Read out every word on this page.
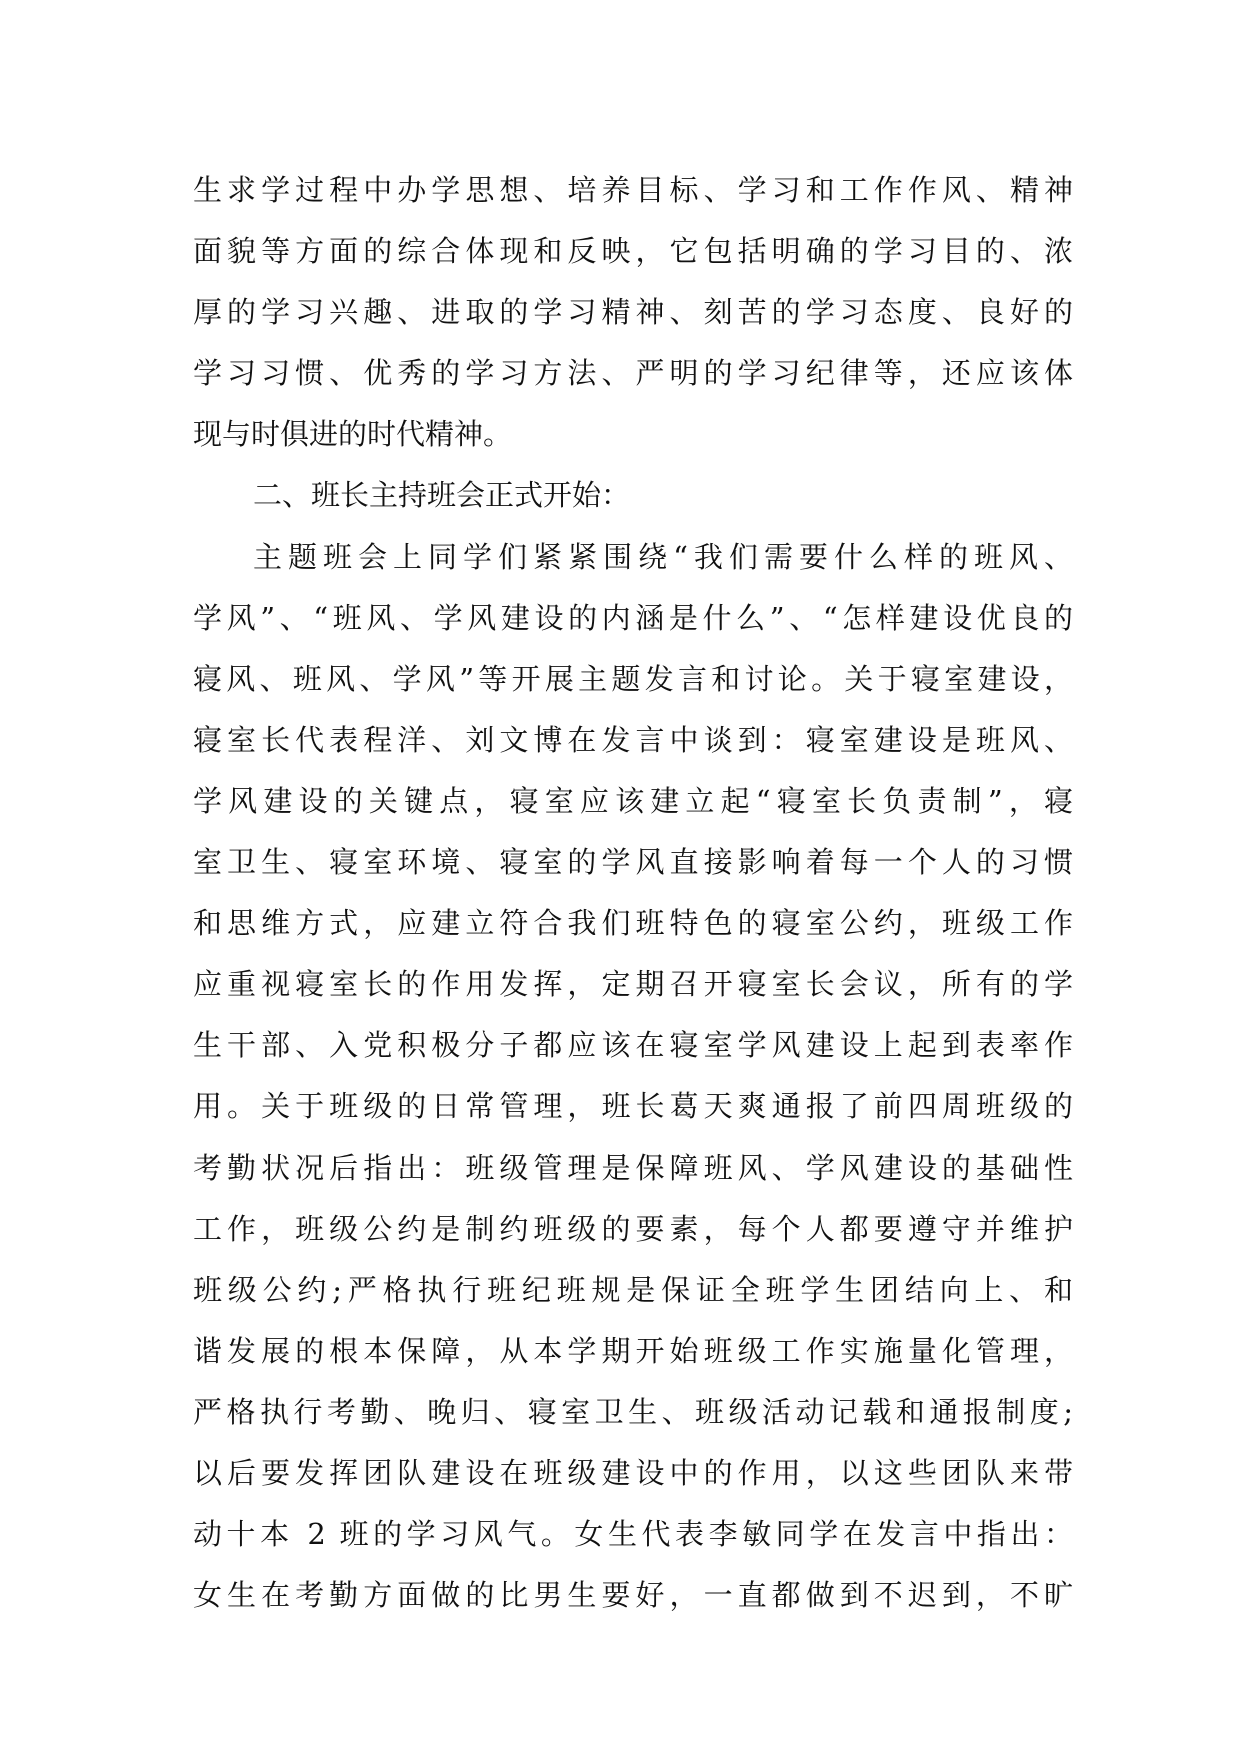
生求学过程中办学思想、培养目标、学习和工作作风、精神
面貌等方面的综合体现和反映，它包括明确的学习目的、浓
厚的学习兴趣、进取的学习精神、刻苦的学习态度、良好的
学习习惯、优秀的学习方法、严明的学习纪律等，还应该体
现与时俱进的时代精神。
二、班长主持班会正式开始：
主题班会上同学们紧紧围绕“我们需要什么样的班风、
学风”、“班风、学风建设的内涵是什么”、“怎样建设优良的
寝风、班风、学风”等开展主题发言和讨论。关于寝室建设，
寝室长代表程洋、刘文博在发言中谈到：寝室建设是班风、
学风建设的关键点，寝室应该建立起“寝室长负责制”，寝
室卫生、寝室环境、寝室的学风直接影响着每一个人的习惯
和思维方式，应建立符合我们班特色的寝室公约，班级工作
应重视寝室长的作用发挥，定期召开寝室长会议，所有的学
生干部、入党积极分子都应该在寝室学风建设上起到表率作
用。关于班级的日常管理，班长葛天爽通报了前四周班级的
考勤状况后指出：班级管理是保障班风、学风建设的基础性
工作，班级公约是制约班级的要素，每个人都要遵守并维护
班级公约;严格执行班纪班规是保证全班学生团结向上、和
谐发展的根本保障，从本学期开始班级工作实施量化管理，
严格执行考勤、晚归、寝室卫生、班级活动记载和通报制度;
以后要发挥团队建设在班级建设中的作用，以这些团队来带
动十本 2 班的学习风气。女生代表李敏同学在发言中指出：
女生在考勤方面做的比男生要好，一直都做到不迟到，不旷
